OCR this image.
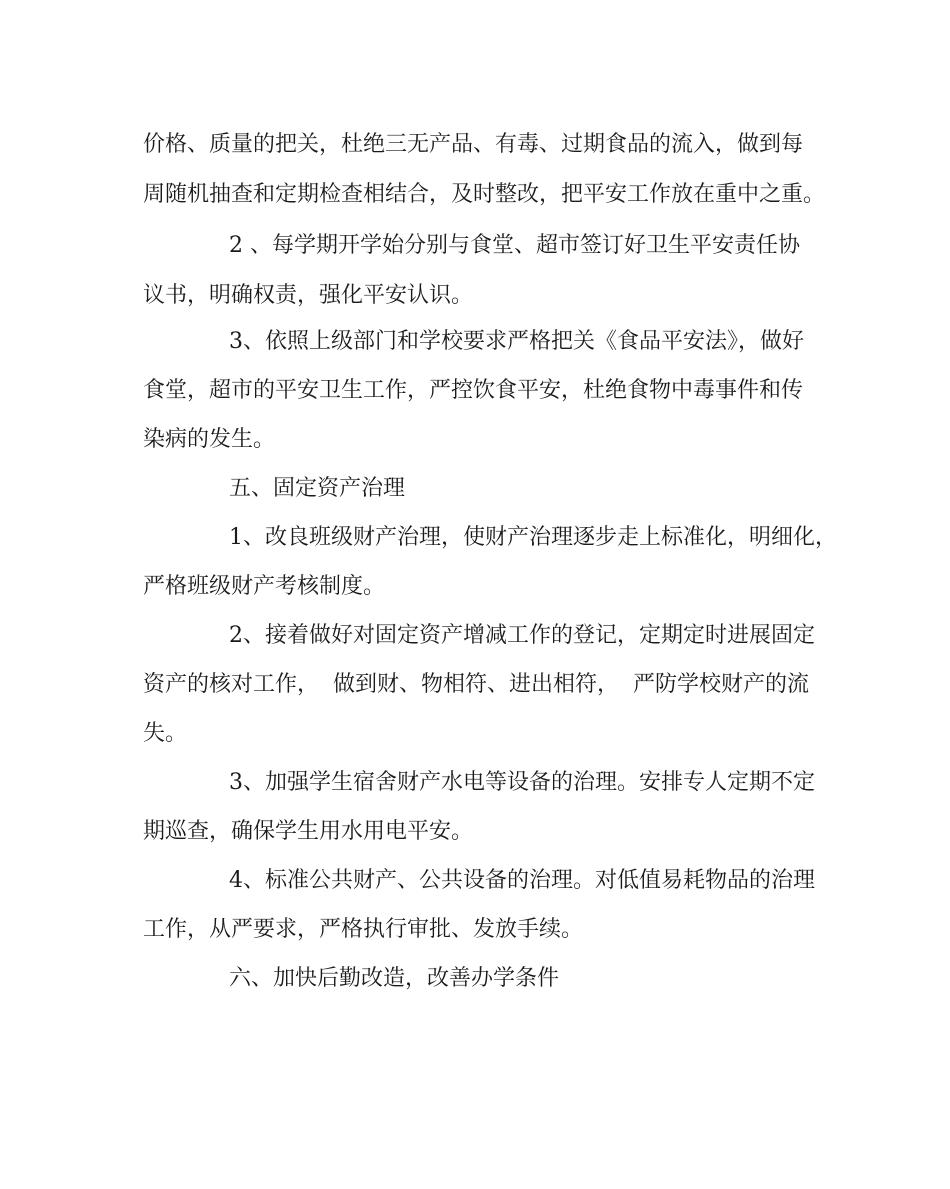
价格、质量的把关，杜绝三无产品、有毒、过期食品的流入，做到每
周随机抽查和定期检查相结合，及时整改，把平安工作放在重中之重。
2 、每学期开学始分别与食堂、超市签订好卫生平安责任协
议书，明确权责，强化平安认识。
3、依照上级部门和学校要求严格把关《食品平安法》，做好
食堂，超市的平安卫生工作，严控饮食平安，杜绝食物中毒事件和传
染病的发生。
五、固定资产治理
1、改良班级财产治理，使财产治理逐步走上标准化，明细化，
严格班级财产考核制度。
2、接着做好对固定资产增减工作的登记，定期定时进展固定
资产的核对工作，  做到财、物相符、进出相符，  严防学校财产的流
失。
3、加强学生宿舍财产水电等设备的治理。安排专人定期不定
期巡查，确保学生用水用电平安。
4、标准公共财产、公共设备的治理。对低值易耗物品的治理
工作，从严要求，严格执行审批、发放手续。
六、加快后勤改造，改善办学条件
